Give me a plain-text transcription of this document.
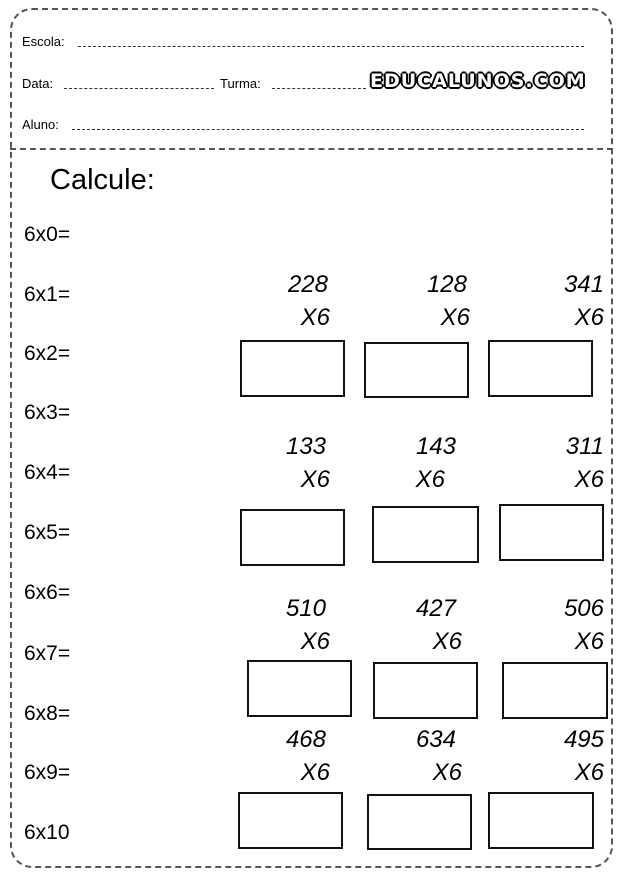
Escola:
Data:	Turma:	EDUCALUNOS.COM
Aluno:
Calcule:
6x0=
6x1=
6x2=
6x3=
6x4=
6x5=
6x6=
6x7=
6x8=
6x9=
6x10
228
X6
128
X6
341
X6
133
X6
143
X6
311
X6
510
X6
427
X6
506
X6
468
X6
634
X6
495
X6
